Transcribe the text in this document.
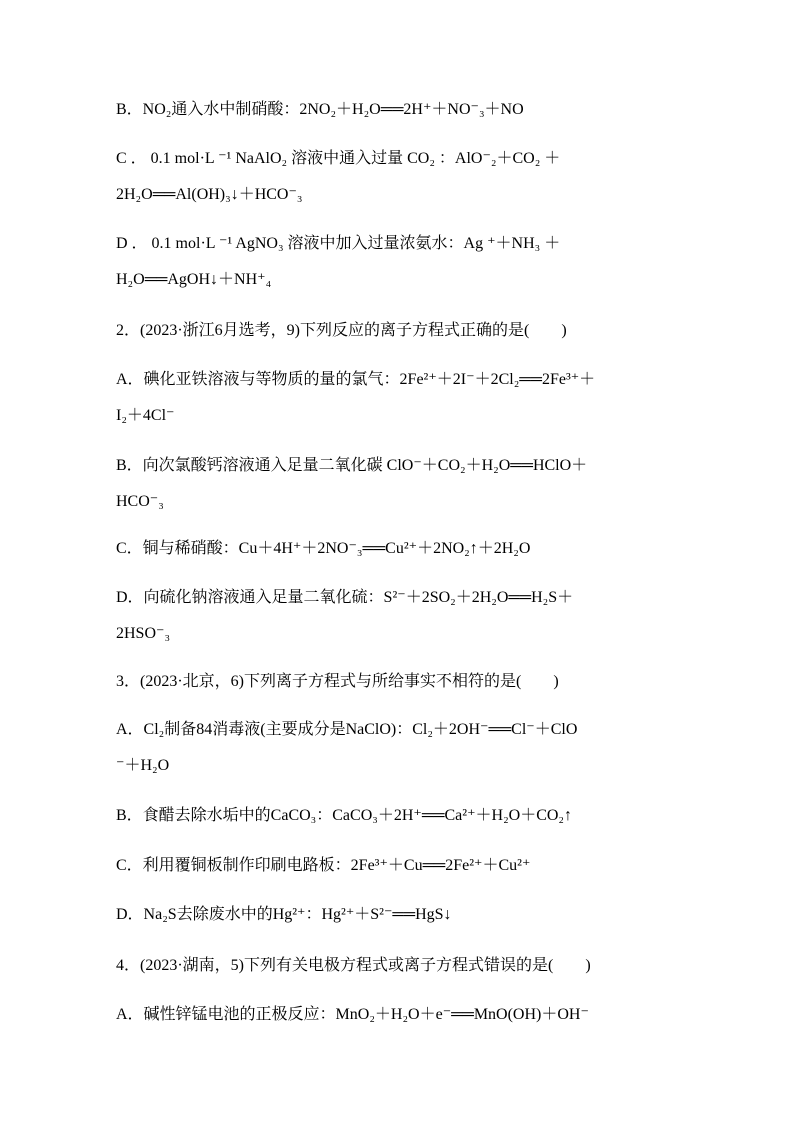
B．NO₂通入水中制硝酸：2NO₂＋H₂O══2H⁺＋NO⁻₃＋NO
C ． 0.1 mol·L ⁻¹ NaAlO₂ 溶液中通入过量 CO₂ ：AlO⁻₂＋CO₂ ＋
2H₂O══Al(OH)₃↓＋HCO⁻₃
D ． 0.1 mol·L ⁻¹ AgNO₃ 溶液中加入过量浓氨水：Ag ⁺＋NH₃ ＋
H₂O══AgOH↓＋NH⁺₄
2．(2023·浙江6月选考，9)下列反应的离子方程式正确的是(　　)
A．碘化亚铁溶液与等物质的量的氯气：2Fe²⁺＋2I⁻＋2Cl₂══2Fe³⁺＋
I₂＋4Cl⁻
B．向次氯酸钙溶液通入足量二氧化碳 ClO⁻＋CO₂＋H₂O══HClO＋
HCO⁻₃
C．铜与稀硝酸：Cu＋4H⁺＋2NO⁻₃══Cu²⁺＋2NO₂↑＋2H₂O
D．向硫化钠溶液通入足量二氧化硫：S²⁻＋2SO₂＋2H₂O══H₂S＋
2HSO⁻₃
3．(2023·北京，6)下列离子方程式与所给事实不相符的是(　　)
A．Cl₂制备84消毒液(主要成分是NaClO)：Cl₂＋2OH⁻══Cl⁻＋ClO
⁻＋H₂O
B．食醋去除水垢中的CaCO₃：CaCO₃＋2H⁺══Ca²⁺＋H₂O＋CO₂↑
C．利用覆铜板制作印刷电路板：2Fe³⁺＋Cu══2Fe²⁺＋Cu²⁺
D．Na₂S去除废水中的Hg²⁺：Hg²⁺＋S²⁻══HgS↓
4．(2023·湖南，5)下列有关电极方程式或离子方程式错误的是(　　)
A．碱性锌锰电池的正极反应：MnO₂＋H₂O＋e⁻══MnO(OH)＋OH⁻
